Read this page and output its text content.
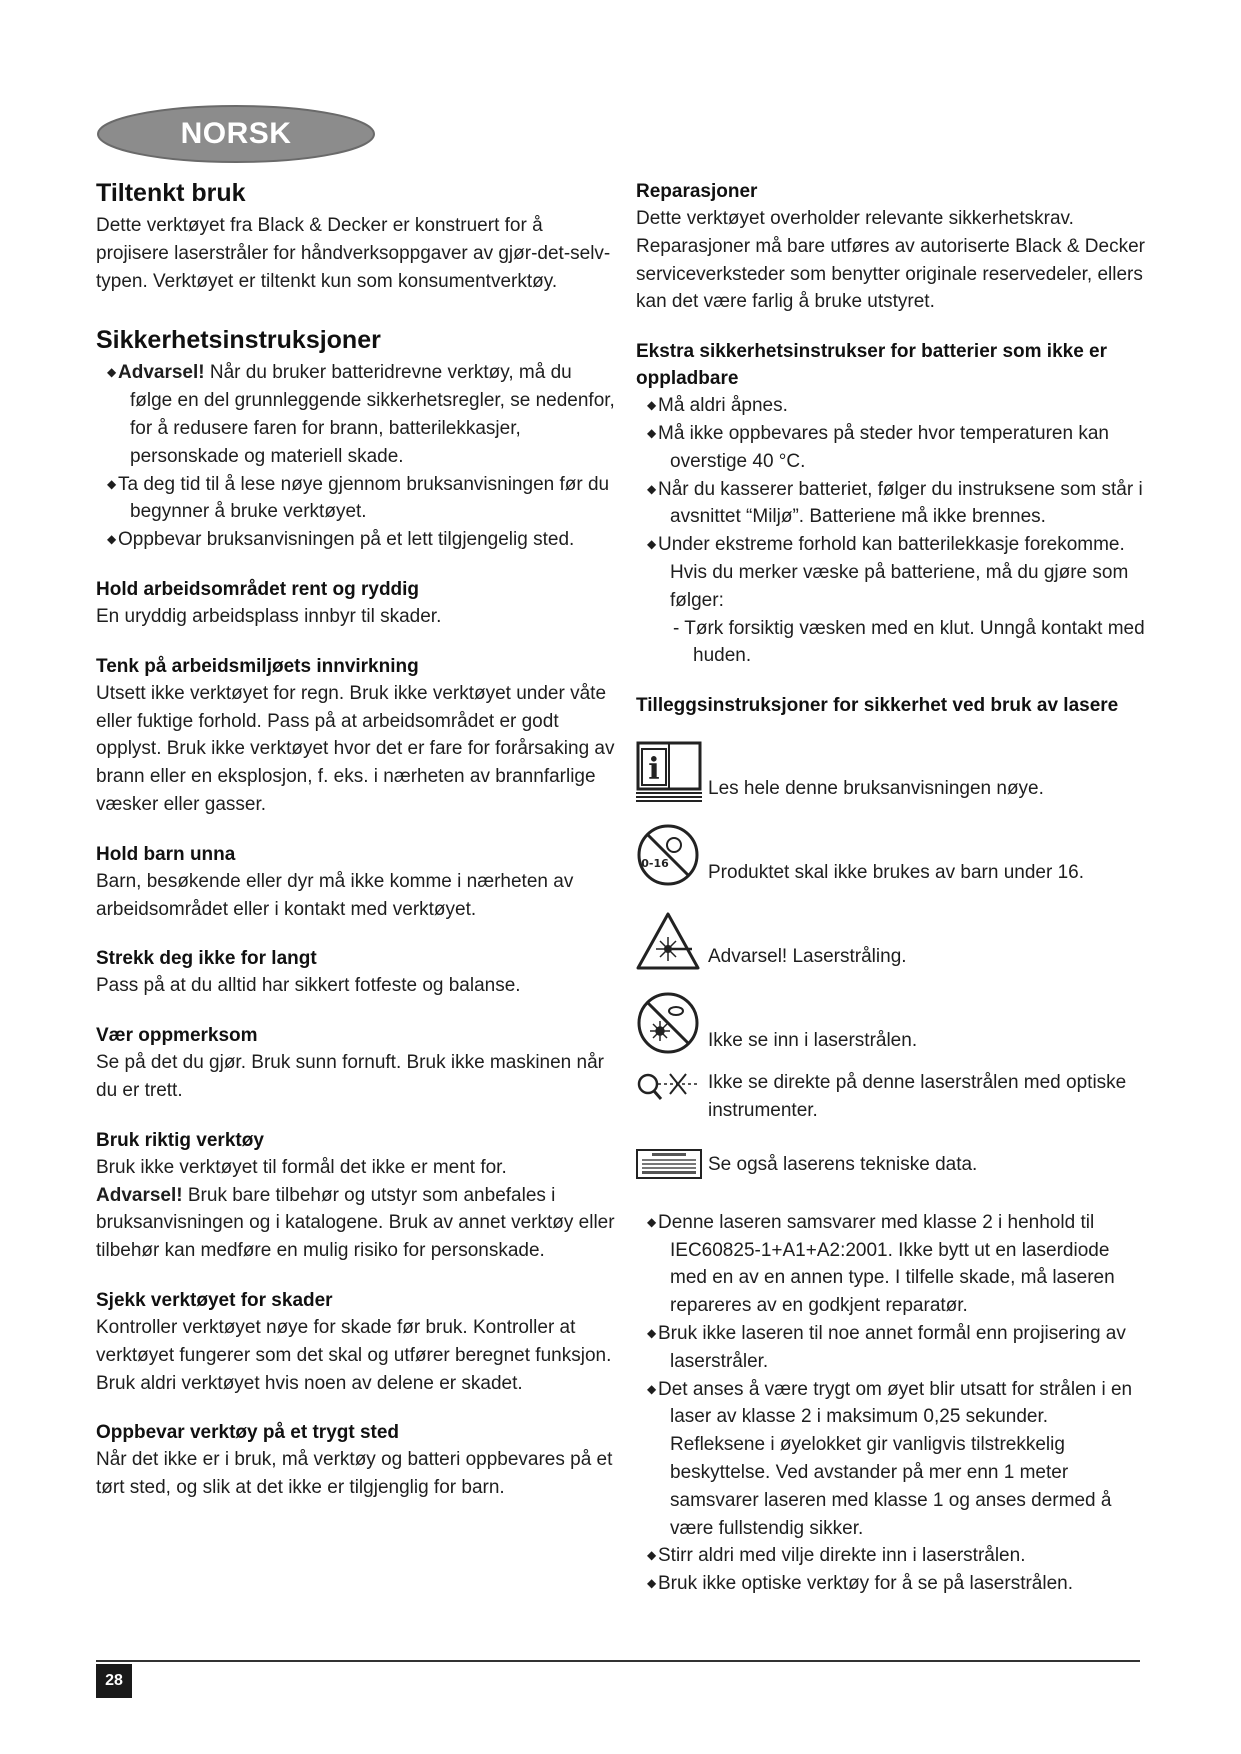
NORSK
Tiltenkt bruk

Dette verktøyet fra Black & Decker er konstruert for å projisere laserstråler for håndverksoppgaver av gjør-det-selv-typen. Verktøyet er tiltenkt kun som konsumentverktøy.

Sikkerhetsinstruksjoner
◆Advarsel! Når du bruker batteridrevne verktøy, må du følge en del grunnleggende sikkerhetsregler, se nedenfor, for å redusere faren for brann, batterilekkasjer, personskade og materiell skade.
◆Ta deg tid til å lese nøye gjennom bruksanvisningen før du begynner å bruke verktøyet.
◆Oppbevar bruksanvisningen på et lett tilgjengelig sted.
Hold arbeidsområdet rent og ryddig

En uryddig arbeidsplass innbyr til skader.

Tenk på arbeidsmiljøets innvirkning

Utsett ikke verktøyet for regn. Bruk ikke verktøyet under våte eller fuktige forhold. Pass på at arbeidsområdet er godt opplyst. Bruk ikke verktøyet hvor det er fare for forårsaking av brann eller en eksplosjon, f. eks. i nærheten av brannfarlige væsker eller gasser.

Hold barn unna

Barn, besøkende eller dyr må ikke komme i nærheten av arbeidsområdet eller i kontakt med verktøyet.

Strekk deg ikke for langt

Pass på at du alltid har sikkert fotfeste og balanse.

Vær oppmerksom

Se på det du gjør. Bruk sunn fornuft. Bruk ikke maskinen når du er trett.

Bruk riktig verktøy

Bruk ikke verktøyet til formål det ikke er ment for.

Advarsel! Bruk bare tilbehør og utstyr som anbefales i bruksanvisningen og i katalogene. Bruk av annet verktøy eller tilbehør kan medføre en mulig risiko for personskade.

Sjekk verktøyet for skader

Kontroller verktøyet nøye for skade før bruk. Kontroller at verktøyet fungerer som det skal og utfører beregnet funksjon. Bruk aldri verktøyet hvis noen av delene er skadet.

Oppbevar verktøy på et trygt sted

Når det ikke er i bruk, må verktøy og batteri oppbevares på et tørt sted, og slik at det ikke er tilgjenglig for barn.

Reparasjoner

Dette verktøyet overholder relevante sikkerhetskrav. Reparasjoner må bare utføres av autoriserte Black & Decker serviceverksteder som benytter originale reservedeler, ellers kan det være farlig å bruke utstyret.

Ekstra sikkerhetsinstrukser for batterier som ikke er oppladbare
◆Må aldri åpnes.
◆Må ikke oppbevares på steder hvor temperaturen kan overstige 40 °C.
◆Når du kasserer batteriet, følger du instruksene som står i avsnittet “Miljø”. Batteriene må ikke brennes.
◆Under ekstreme forhold kan batterilekkasje forekomme. Hvis du merker væske på batteriene, må du gjøre som følger:
- Tørk forsiktig væsken med en klut. Unngå kontakt med huden.
Tilleggsinstruksjoner for sikkerhet ved bruk av lasere
i

Les hele denne bruksanvisningen nøye.

0-16 Produktet skal ikke brukes av barn under 16.

Advarsel! Laserstråling.

Ikke se inn i laserstrålen.

Ikke se direkte på denne laserstrålen med optiske instrumenter.

Se også laserens tekniske data.

◆Denne laseren samsvarer med klasse 2 i henhold til IEC60825-1+A1+A2:2001. Ikke bytt ut en laserdiode med en av en annen type. I tilfelle skade, må laseren repareres av en godkjent reparatør.
◆Bruk ikke laseren til noe annet formål enn projisering av laserstråler.
◆Det anses å være trygt om øyet blir utsatt for strålen i en laser av klasse 2 i maksimum 0,25 sekunder. Refleksene i øyelokket gir vanligvis tilstrekkelig beskyttelse. Ved avstander på mer enn 1 meter samsvarer laseren med klasse 1 og anses dermed å være fullstendig sikker.
◆Stirr aldri med vilje direkte inn i laserstrålen.
◆Bruk ikke optiske verktøy for å se på laserstrålen.
28
